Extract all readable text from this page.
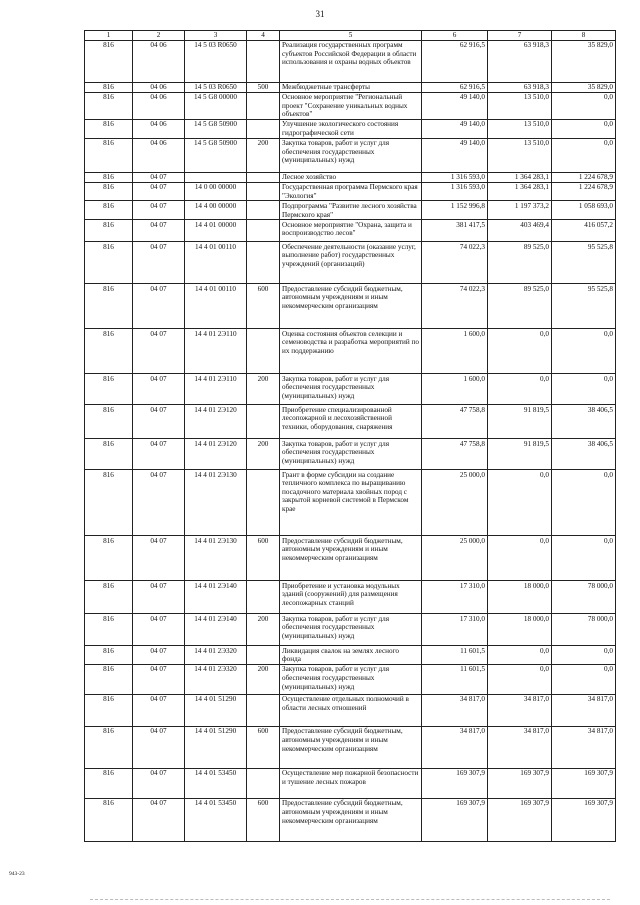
31
1	2	3	4	5	6	7	8
816	04 06	14 5 03 R0650		Реализация государственных программ субъектов Российской Федерации в области использования и охраны водных объектов	62 916,5	63 918,3	35 829,0
816	04 06	14 5 03 R0650	500	Межбюджетные трансферты	62 916,5	63 918,3	35 829,0
816	04 06	14 5 G8 00000		Основное мероприятие "Региональный проект "Сохранение уникальных водных объектов"	49 140,0	13 510,0	0,0
816	04 06	14 5 G8 50900		Улучшение экологического состояния гидрографической сети	49 140,0	13 510,0	0,0
816	04 06	14 5 G8 50900	200	Закупка товаров, работ и услуг для обеспечения государственных (муниципальных) нужд	49 140,0	13 510,0	0,0
816	04 07			Лесное хозяйство	1 316 593,0	1 364 283,1	1 224 678,9
816	04 07	14 0 00 00000		Государственная программа Пермского края "Экология"	1 316 593,0	1 364 283,1	1 224 678,9
816	04 07	14 4 00 00000		Подпрограмма "Развитие лесного хозяйства Пермского края"	1 152 996,8	1 197 373,2	1 058 693,0
816	04 07	14 4 01 00000		Основное мероприятие "Охрана, защита и воспроизводство лесов"	381 417,5	403 469,4	416 057,2
816	04 07	14 4 01 00110		Обеспечение деятельности (оказание услуг, выполнение работ) государственных учреждений (организаций)	74 022,3	89 525,0	95 525,8
816	04 07	14 4 01 00110	600	Предоставление субсидий бюджетным, автономным учреждениям и иным некоммерческим организациям	74 022,3	89 525,0	95 525,8
816	04 07	14 4 01 2Э110		Оценка состояния объектов селекции и семеноводства и разработка мероприятий по их поддержанию	1 600,0	0,0	0,0
816	04 07	14 4 01 2Э110	200	Закупка товаров, работ и услуг для обеспечения государственных (муниципальных) нужд	1 600,0	0,0	0,0
816	04 07	14 4 01 2Э120		Приобретение специализированной лесопожарной и лесохозяйственной техники, оборудования, снаряжения	47 758,8	91 819,5	38 406,5
816	04 07	14 4 01 2Э120	200	Закупка товаров, работ и услуг для обеспечения государственных (муниципальных) нужд	47 758,8	91 819,5	38 406,5
816	04 07	14 4 01 2Э130		Грант в форме субсидии на создание тепличного комплекса по выращиванию посадочного материала хвойных пород с закрытой корневой системой в Пермском крае	25 000,0	0,0	0,0
816	04 07	14 4 01 2Э130	600	Предоставление субсидий бюджетным, автономным учреждениям и иным некоммерческим организациям	25 000,0	0,0	0,0
816	04 07	14 4 01 2Э140		Приобретение и установка модульных зданий (сооружений) для размещения лесопожарных станций	17 310,0	18 000,0	78 000,0
816	04 07	14 4 01 2Э140	200	Закупка товаров, работ и услуг для обеспечения государственных (муниципальных) нужд	17 310,0	18 000,0	78 000,0
816	04 07	14 4 01 2Э320		Ликвидация свалок на землях лесного фонда	11 601,5	0,0	0,0
816	04 07	14 4 01 2Э320	200	Закупка товаров, работ и услуг для обеспечения государственных (муниципальных) нужд	11 601,5	0,0	0,0
816	04 07	14 4 01 51290		Осуществление отдельных полномочий в области лесных отношений	34 817,0	34 817,0	34 817,0
816	04 07	14 4 01 51290	600	Предоставление субсидий бюджетным, автономным учреждениям и иным некоммерческим организациям	34 817,0	34 817,0	34 817,0
816	04 07	14 4 01 53450		Осуществление мер пожарной безопасности и тушение лесных пожаров	169 307,9	169 307,9	169 307,9
816	04 07	14 4 01 53450	600	Предоставление субсидий бюджетным, автономным учреждениям и иным некоммерческим организациям	169 307,9	169 307,9	169 307,9
943-23
